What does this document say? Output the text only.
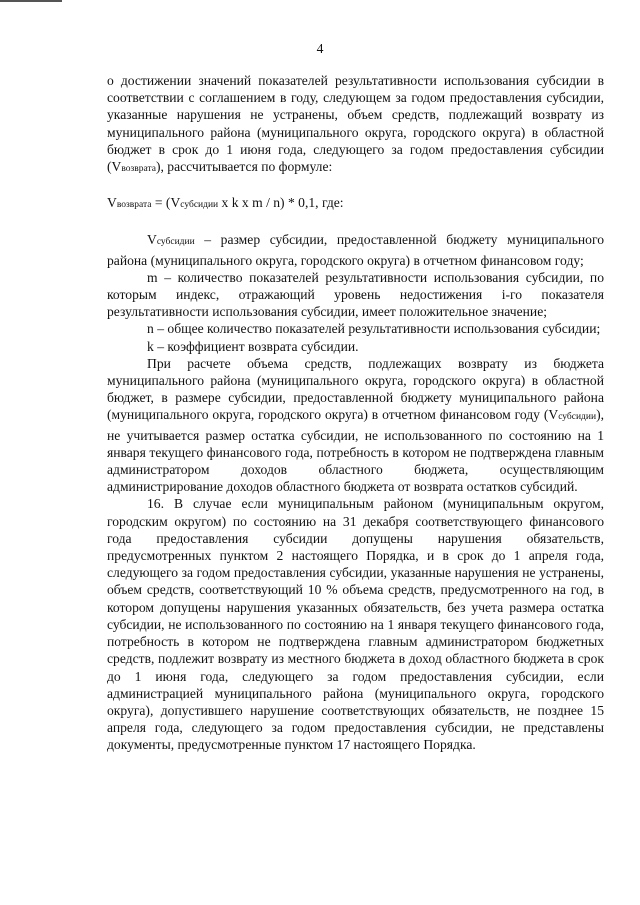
4

о достижении значений показателей результативности использования субсидии в соответствии с соглашением в году, следующем за годом предоставления субсидии, указанные нарушения не устранены, объем средств, подлежащий возврату из муниципального района (муниципального округа, городского округа) в областной бюджет в срок до 1 июня года, следующего за годом предоставления субсидии (Vвозврата), рассчитывается по формуле:

Vвозврата = (Vсубсидии х k х m / n) * 0,1, где:

Vсубсидии – размер субсидии, предоставленной бюджету муниципального района (муниципального округа, городского округа) в отчетном финансовом году;

m – количество показателей результативности использования субсидии, по которым индекс, отражающий уровень недостижения i-го показателя результативности использования субсидии, имеет положительное значение;

n – общее количество показателей результативности использования субсидии;

k – коэффициент возврата субсидии.

При расчете объема средств, подлежащих возврату из бюджета муниципального района (муниципального округа, городского округа) в областной бюджет, в размере субсидии, предоставленной бюджету муниципального района (муниципального округа, городского округа) в отчетном финансовом году (Vсубсидии), не учитывается размер остатка субсидии, не использованного по состоянию на 1 января текущего финансового года, потребность в котором не подтверждена главным администратором доходов областного бюджета, осуществляющим администрирование доходов областного бюджета от возврата остатков субсидий.

16. В случае если муниципальным районом (муниципальным округом, городским округом) по состоянию на 31 декабря соответствующего финансового года предоставления субсидии допущены нарушения обязательств, предусмотренных пунктом 2 настоящего Порядка, и в срок до 1 апреля года, следующего за годом предоставления субсидии, указанные нарушения не устранены, объем средств, соответствующий 10 % объема средств, предусмотренного на год, в котором допущены нарушения указанных обязательств, без учета размера остатка субсидии, не использованного по состоянию на 1 января текущего финансового года, потребность в котором не подтверждена главным администратором бюджетных средств, подлежит возврату из местного бюджета в доход областного бюджета в срок до 1 июня года, следующего за годом предоставления субсидии, если администрацией муниципального района (муниципального округа, городского округа), допустившего нарушение соответствующих обязательств, не позднее 15 апреля года, следующего за годом предоставления субсидии, не представлены документы, предусмотренные пунктом 17 настоящего Порядка.
